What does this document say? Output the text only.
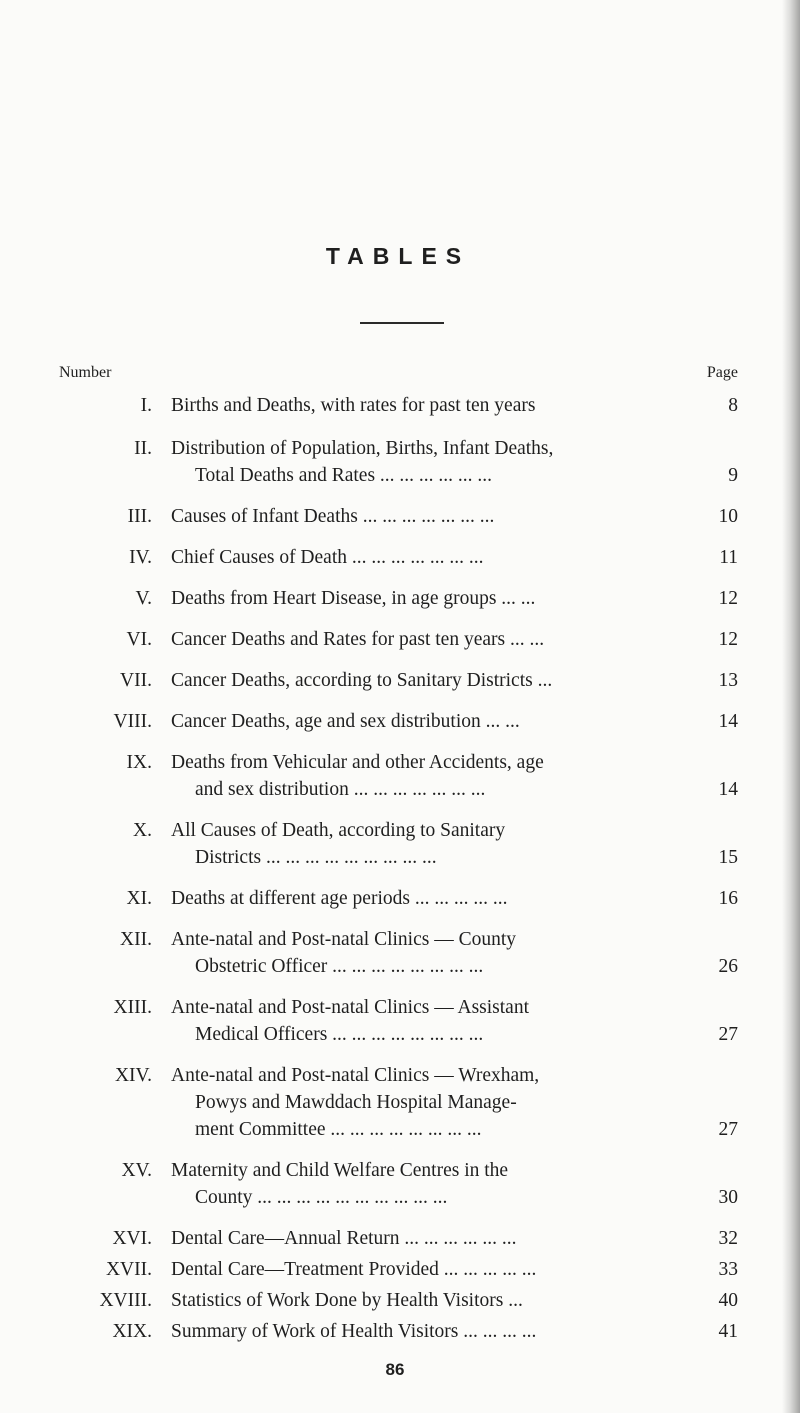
TABLES
Number	Page
I. Births and Deaths, with rates for past ten years	8
II. Distribution of Population, Births, Infant Deaths,
Total Deaths and Rates ... ... ... ... ... ...	9
III. Causes of Infant Deaths ... ... ... ... ... ... ...	10
IV. Chief Causes of Death ... ... ... ... ... ... ...	11
V. Deaths from Heart Disease, in age groups ... ...	12
VI. Cancer Deaths and Rates for past ten years ... ...	12
VII. Cancer Deaths, according to Sanitary Districts ...	13
VIII. Cancer Deaths, age and sex distribution ... ...	14
IX. Deaths from Vehicular and other Accidents, age
and sex distribution ... ... ... ... ... ... ...	14
X. All Causes of Death, according to Sanitary
Districts ... ... ... ... ... ... ... ... ...	15
XI. Deaths at different age periods ... ... ... ... ...	16
XII. Ante-natal and Post-natal Clinics — County
Obstetric Officer ... ... ... ... ... ... ... ...	26
XIII. Ante-natal and Post-natal Clinics — Assistant
Medical Officers ... ... ... ... ... ... ... ...	27
XIV. Ante-natal and Post-natal Clinics — Wrexham,
Powys and Mawddach Hospital Manage-
ment Committee ... ... ... ... ... ... ... ...	27
XV. Maternity and Child Welfare Centres in the
County ... ... ... ... ... ... ... ... ... ...	30
XVI. Dental Care—Annual Return ... ... ... ... ... ...	32
XVII. Dental Care—Treatment Provided ... ... ... ... ...	33
XVIII. Statistics of Work Done by Health Visitors ...	40
XIX. Summary of Work of Health Visitors ... ... ... ...	41
86
